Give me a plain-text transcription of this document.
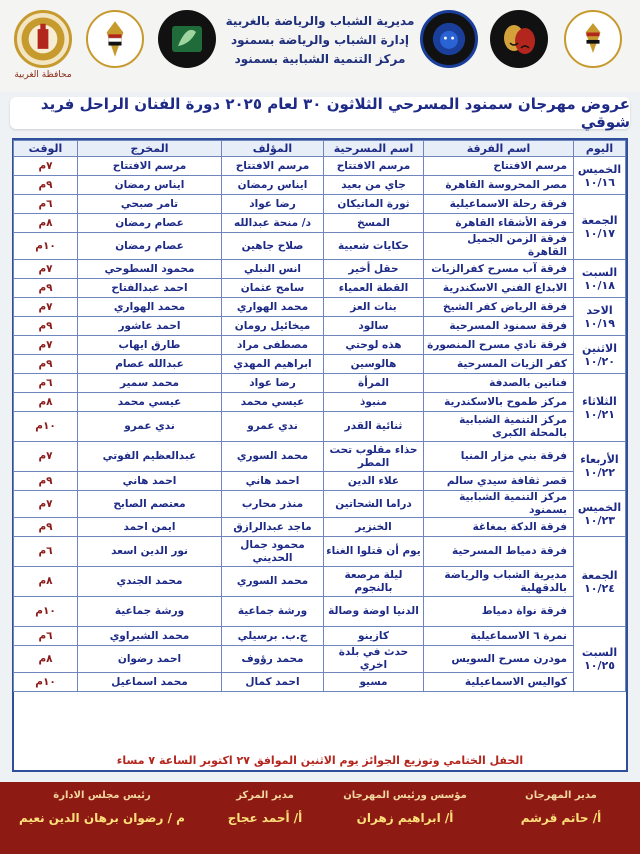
محافظة الغربية
مديرية الشباب والرياضة بالغربية
إدارة الشباب والرياضة بسمنود
مركز التنمية الشبابية بسمنود
عروض مهرجان سمنود المسرحي الثلاثون ٣٠ لعام ٢٠٢٥ دورة الفنان الراحل فريد شوقي
اليوم	اسم الفرقة	اسم المسرحية	المؤلف	المخرج	الوقت
الخميس ١٠/١٦	مرسم الافتتاح	مرسم الافتتاح	مرسم الافتتاح	مرسم الافتتاح	٧م
	مصر المحروسة القاهرة	جاي من بعيد	ايناس رمضان	ايناس رمضان	٩م
الجمعة ١٠/١٧	فرقة رحلة الاسماعيلية	ثورة الماتيكان	رضا عواد	تامر صبحي	٦م
	فرقة الأشقاء القاهرة	المسخ	د/ منحة عبدالله	عصام رمضان	٨م
	فرقة الزمن الجميل القاهرة	حكايات شعبية	صلاح جاهين	عصام رمضان	١٠م
السبت ١٠/١٨	فرقة آب مسرح كفرالزيات	حقل أخير	انس النبلي	محمود السطوحي	٧م
	الابداع الفني الاسكندرية	القطة العمياء	سامح عثمان	احمد عبدالفتاح	٩م
الاحد ١٠/١٩	فرقة الرياض كفر الشيخ	بنات العز	محمد الهواري	محمد الهواري	٧م
	فرقة سمنود المسرحية	سالود	ميخائيل رومان	احمد عاشور	٩م
الاثنين ١٠/٢٠	فرقة نادي مسرح المنصورة	هذه لوحتي	مصطفى مراد	طارق ايهاب	٧م
	كفر الزيات المسرحية	هالوسين	ابراهيم المهدي	عبدالله عصام	٩م
الثلاثاء ١٠/٢١	فنانين بالصدفة	المرأة	رضا عواد	محمد سمير	٦م
	مركز طموح بالاسكندرية	منبوذ	عيسي محمد	عيسي محمد	٨م
	مركز التنمية الشبابية بالمحلة الكبرى	ثنائية القدر	ندي عمرو	ندي عمرو	١٠م
الأربعاء ١٠/٢٢	فرقة بني مزار المنيا	حذاء مقلوب تحت المطر	محمد السوري	عبدالعظيم الفوتي	٧م
	قصر ثقافة سيدي سالم	علاء الدين	احمد هاني	احمد هاني	٩م
الخميس ١٠/٢٣	مركز التنمية الشبابية بسمنود	دراما الشحاتين	منذر محارب	معتصم الصابح	٧م
	فرقة الدكة بمغاغة	الخنزير	ماجد عبدالرازق	ايمن احمد	٩م
الجمعة ١٠/٢٤	فرقة دمياط المسرحية	يوم أن قتلوا الغناء	محمود جمال الحديني	نور الدين اسعد	٦م
	مديرية الشباب والرياضة بالدقهلية	ليلة مرصعة بالنجوم	محمد السوري	محمد الجندي	٨م
	فرقة نواة دمياط	الدنيا اوضة وصالة	ورشة جماعية	ورشة جماعية	١٠م
السبت ١٠/٢٥	نمرة ٦ الاسماعيلية	كازينو	ج.ب. برسيلي	محمد الشيراوي	٦م
	مودرن مسرح السويس	حدث في بلدة اخري	محمد رؤوف	احمد رضوان	٨م
	كواليس الاسماعيلية	مسيو	احمد كمال	محمد اسماعيل	١٠م
الحفل الختامي وتوزيع الجوائز يوم الاثنين الموافق ٢٧ اكتوبر الساعة ٧ مساء
مدير المهرجان
أ/ حاتم قرشم
مؤسس ورئيس المهرجان
أ/ ابراهيم زهران
مدير المركز
أ/ أحمد عجاج
رئيس مجلس الادارة
م / رضوان برهان الدين نعيم
